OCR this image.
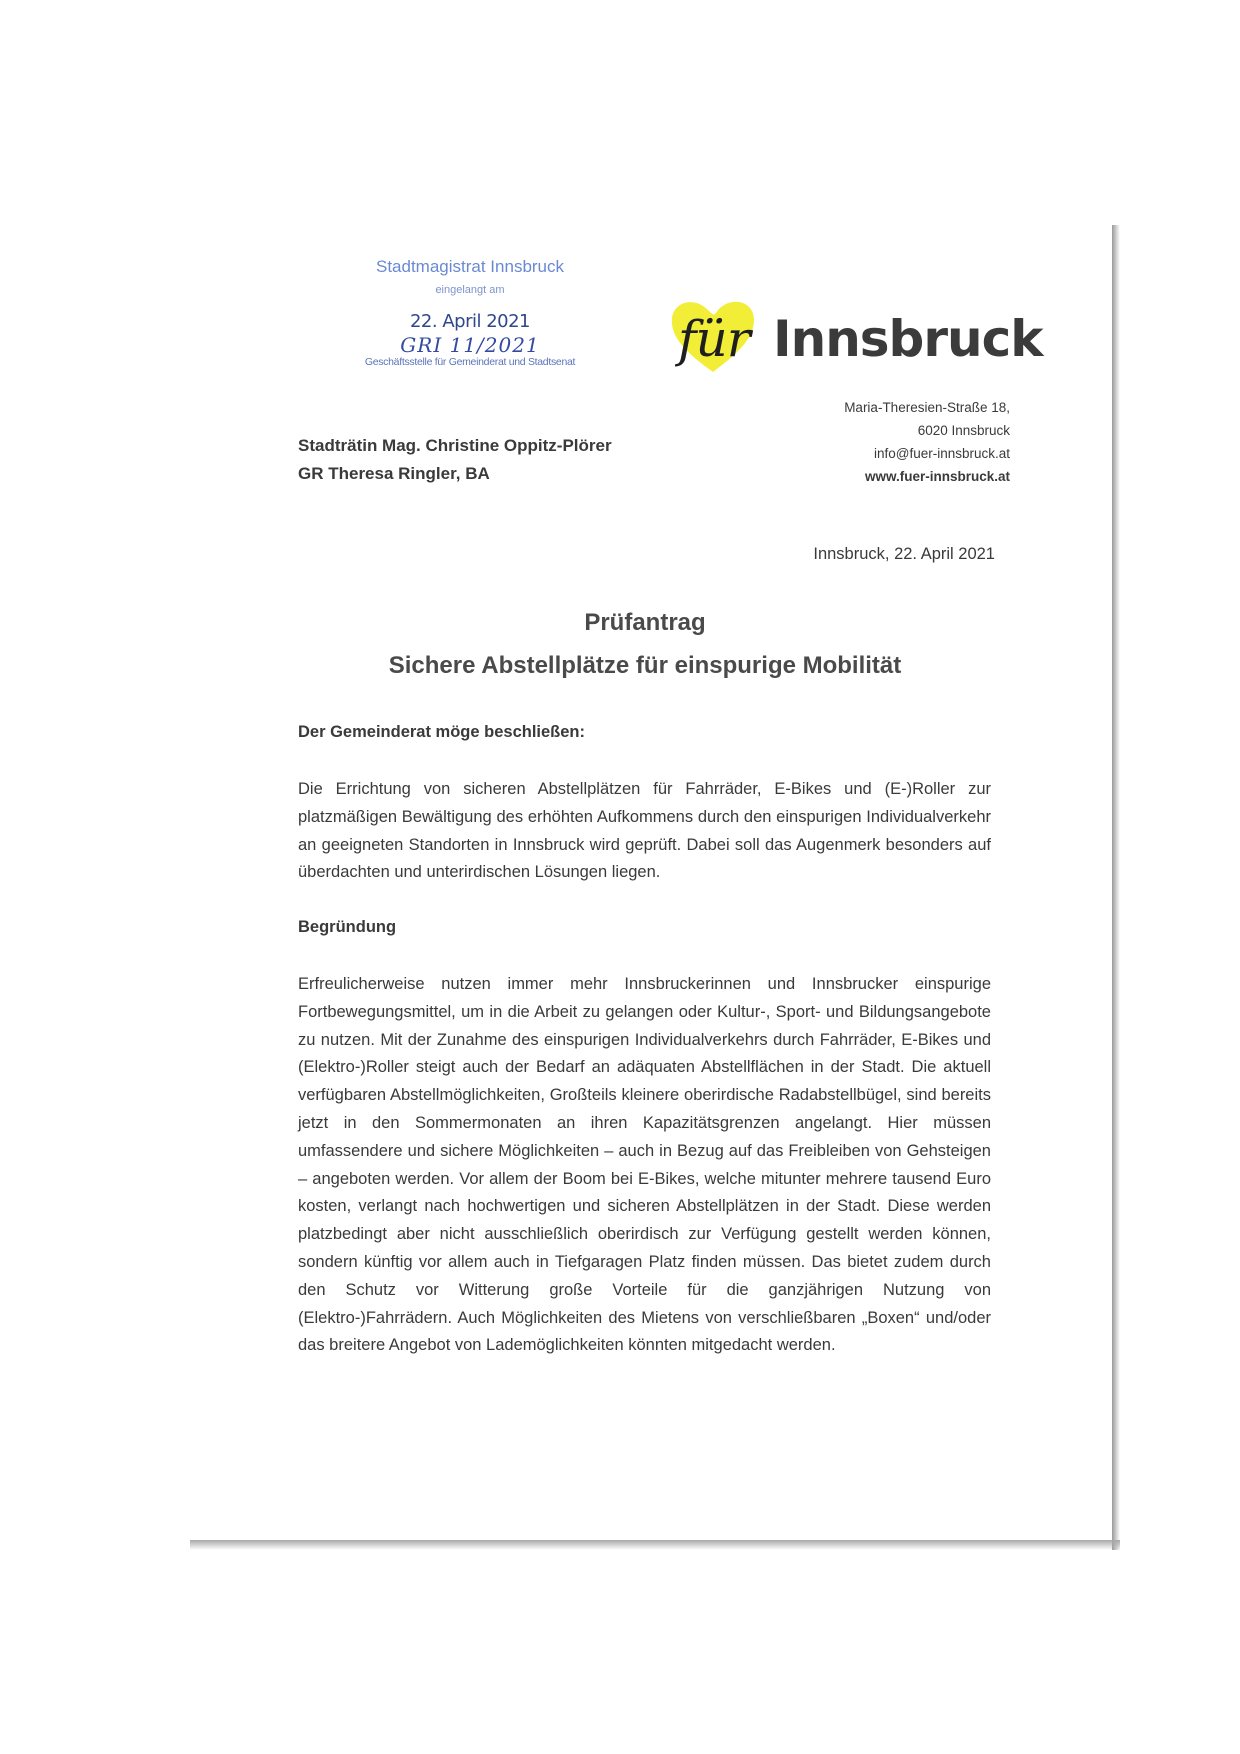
Stadtmagistrat Innsbruck
eingelangt am
22. April 2021
GRI 11/2021
Geschäftsstelle für Gemeinderat und Stadtsenat	für Innsbruck
Maria-Theresien-Straße 18,
6020 Innsbruck
info@fuer-innsbruck.at
www.fuer-innsbruck.at
Stadträtin Mag. Christine Oppitz-Plörer
GR Theresa Ringler, BA
Innsbruck, 22. April 2021
Prüfantrag
Sichere Abstellplätze für einspurige Mobilität
Der Gemeinderat möge beschließen:

Die Errichtung von sicheren Abstellplätzen für Fahrräder, E-Bikes und (E-)Roller zur platzmäßigen Bewältigung des erhöhten Aufkommens durch den einspurigen Individualverkehr an geeigneten Standorten in Innsbruck wird geprüft. Dabei soll das Augenmerk besonders auf überdachten und unterirdischen Lösungen liegen.

Begründung

Erfreulicherweise nutzen immer mehr Innsbruckerinnen und Innsbrucker einspurige Fortbewegungsmittel, um in die Arbeit zu gelangen oder Kultur-, Sport- und Bildungsangebote zu nutzen. Mit der Zunahme des einspurigen Individualverkehrs durch Fahrräder, E-Bikes und (Elektro-)Roller steigt auch der Bedarf an adäquaten Abstellflächen in der Stadt. Die aktuell verfügbaren Abstellmöglichkeiten, Großteils kleinere oberirdische Radabstellbügel, sind bereits jetzt in den Sommermonaten an ihren Kapazitätsgrenzen angelangt. Hier müssen umfassendere und sichere Möglichkeiten – auch in Bezug auf das Freibleiben von Gehsteigen – angeboten werden. Vor allem der Boom bei E-Bikes, welche mitunter mehrere tausend Euro kosten, verlangt nach hochwertigen und sicheren Abstellplätzen in der Stadt. Diese werden platzbedingt aber nicht ausschließlich oberirdisch zur Verfügung gestellt werden können, sondern künftig vor allem auch in Tiefgaragen Platz finden müssen. Das bietet zudem durch den Schutz vor Witterung große Vorteile für die ganzjährigen Nutzung von (Elektro-)Fahrrädern. Auch Möglichkeiten des Mietens von verschließbaren „Boxen“ und/oder das breitere Angebot von Lademöglichkeiten könnten mitgedacht werden.
